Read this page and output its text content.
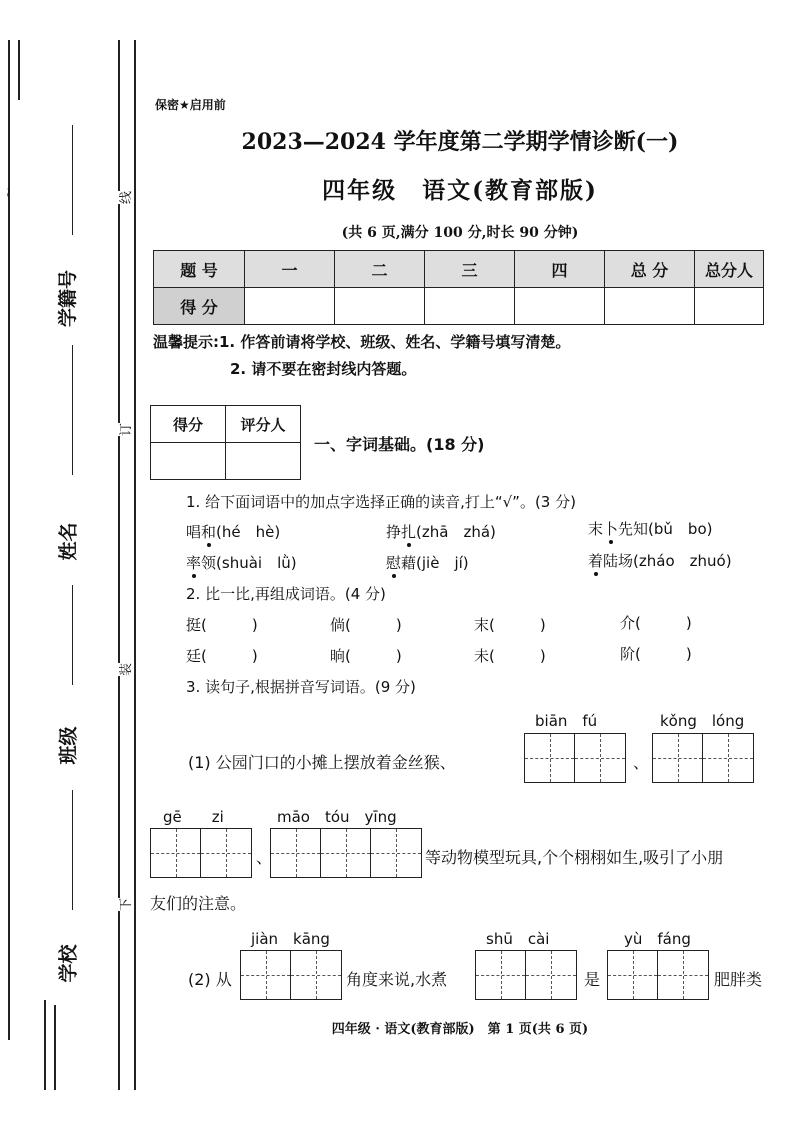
~
学籍号
姓名
班级
学校
线
订
装
下
保密★启用前
2023—2024 学年度第二学期学情诊断(一)
四年级　语文(教育部版)
(共 6 页,满分 100 分,时长 90 分钟)
题 号	一	二	三	四	总 分	总分人
得 分						
温馨提示:1. 作答前请将学校、班级、姓名、学籍号填写清楚。
2. 请不要在密封线内答题。
得分	评分人

一、字词基础。(18 分)
1. 给下面词语中的加点字选择正确的读音,打上“√”。(3 分)
唱和(hé　hè)	挣扎(zhā　zhá)	末卜先知(bǔ　bo)
率领(shuài　lǜ)	慰藉(jiè　jí)	着陆场(zháo　zhuó)
2. 比一比,再组成词语。(4 分)
挺(　　　)	倘(　　　)	末(　　　)	介(　　　)
廷(　　　)	晌(　　　)	未(　　　)	阶(　　　)
3. 读句子,根据拼音写词语。(9 分)
biān　fú	kǒng　lóng
(1) 公园门口的小摊上摆放着金丝猴、	、
gē　　zi	māo　tóu　yīng
、	等动物模型玩具,个个栩栩如生,吸引了小朋
友们的注意。
jiàn　kāng	shū　cài	yù　fáng
(2) 从	角度来说,水煮	是	肥胖类
四年级 · 语文(教育部版)　第 1 页(共 6 页)
